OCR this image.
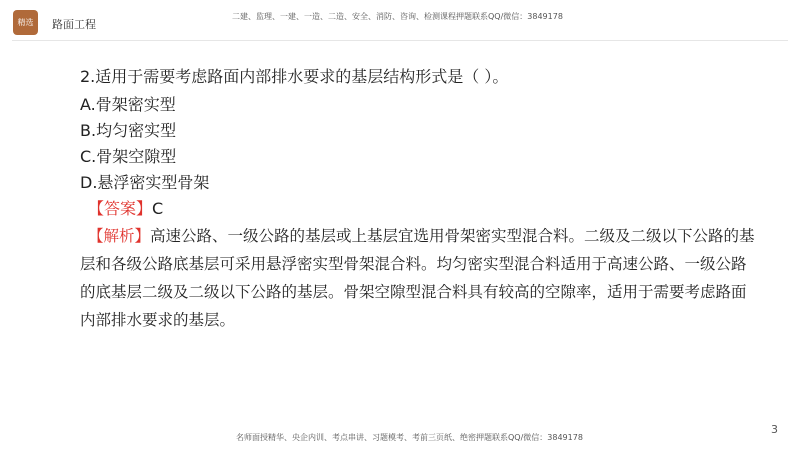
精选 路面工程
二建、监理、一建、一造、二造、安全、消防、咨询、检测课程押题联系QQ/微信：3849178

2.适用于需要考虑路面内部排水要求的基层结构形式是（ ）。

A.骨架密实型

B.均匀密实型

C.骨架空隙型

D.悬浮密实型骨架

【答案】C

【解析】高速公路、一级公路的基层或上基层宜选用骨架密实型混合料。二级及二级以下公路的基层和各级公路底基层可采用悬浮密实型骨架混合料。均匀密实型混合料适用于高速公路、一级公路的底基层二级及二级以下公路的基层。骨架空隙型混合料具有较高的空隙率，适用于需要考虑路面内部排水要求的基层。

3
名师面授精华、央企内训、考点串讲、习题模考、考前三页纸、绝密押题联系QQ/微信：3849178
